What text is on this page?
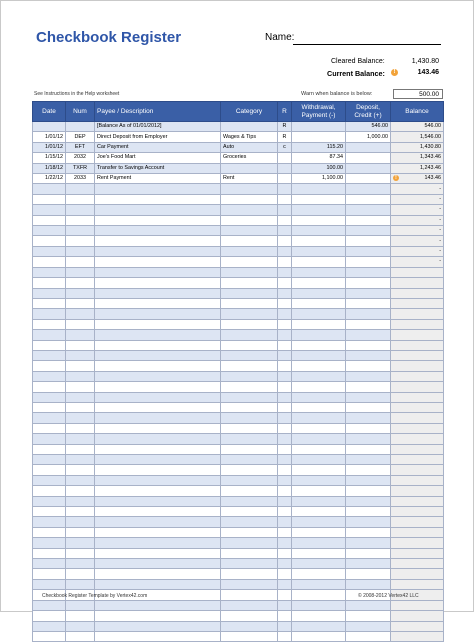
Checkbook Register	Name:
Cleared Balance:	1,430.80
Current Balance:	!	143.46
See Instructions in the Help worksheet	Warn when balance is below:	500.00
Date	Num	Payee / Description	Category	R	Withdrawal, Payment (-)	Deposit, Credit (+)	Balance
		[Balance As of 01/01/2012]		R		546.00	546.00
1/01/12	DEP	Direct Deposit from Employer	Wages & Tips	R		1,000.00	1,546.00
1/01/12	EFT	Car Payment	Auto	c	115.20		1,430.80
1/15/12	2032	Joe's Food Mart	Groceries		87.34		1,343.46
1/18/12	TXFR	Transfer to Savings Account			100.00		1,243.46
1/22/12	2033	Rent Payment	Rent		1,100.00		! 143.46
							-
							-
							-
							-
							-
							-
							-
							-

Checkbook Register Template by Vertex42.com	© 2008-2012 Vertex42 LLC
